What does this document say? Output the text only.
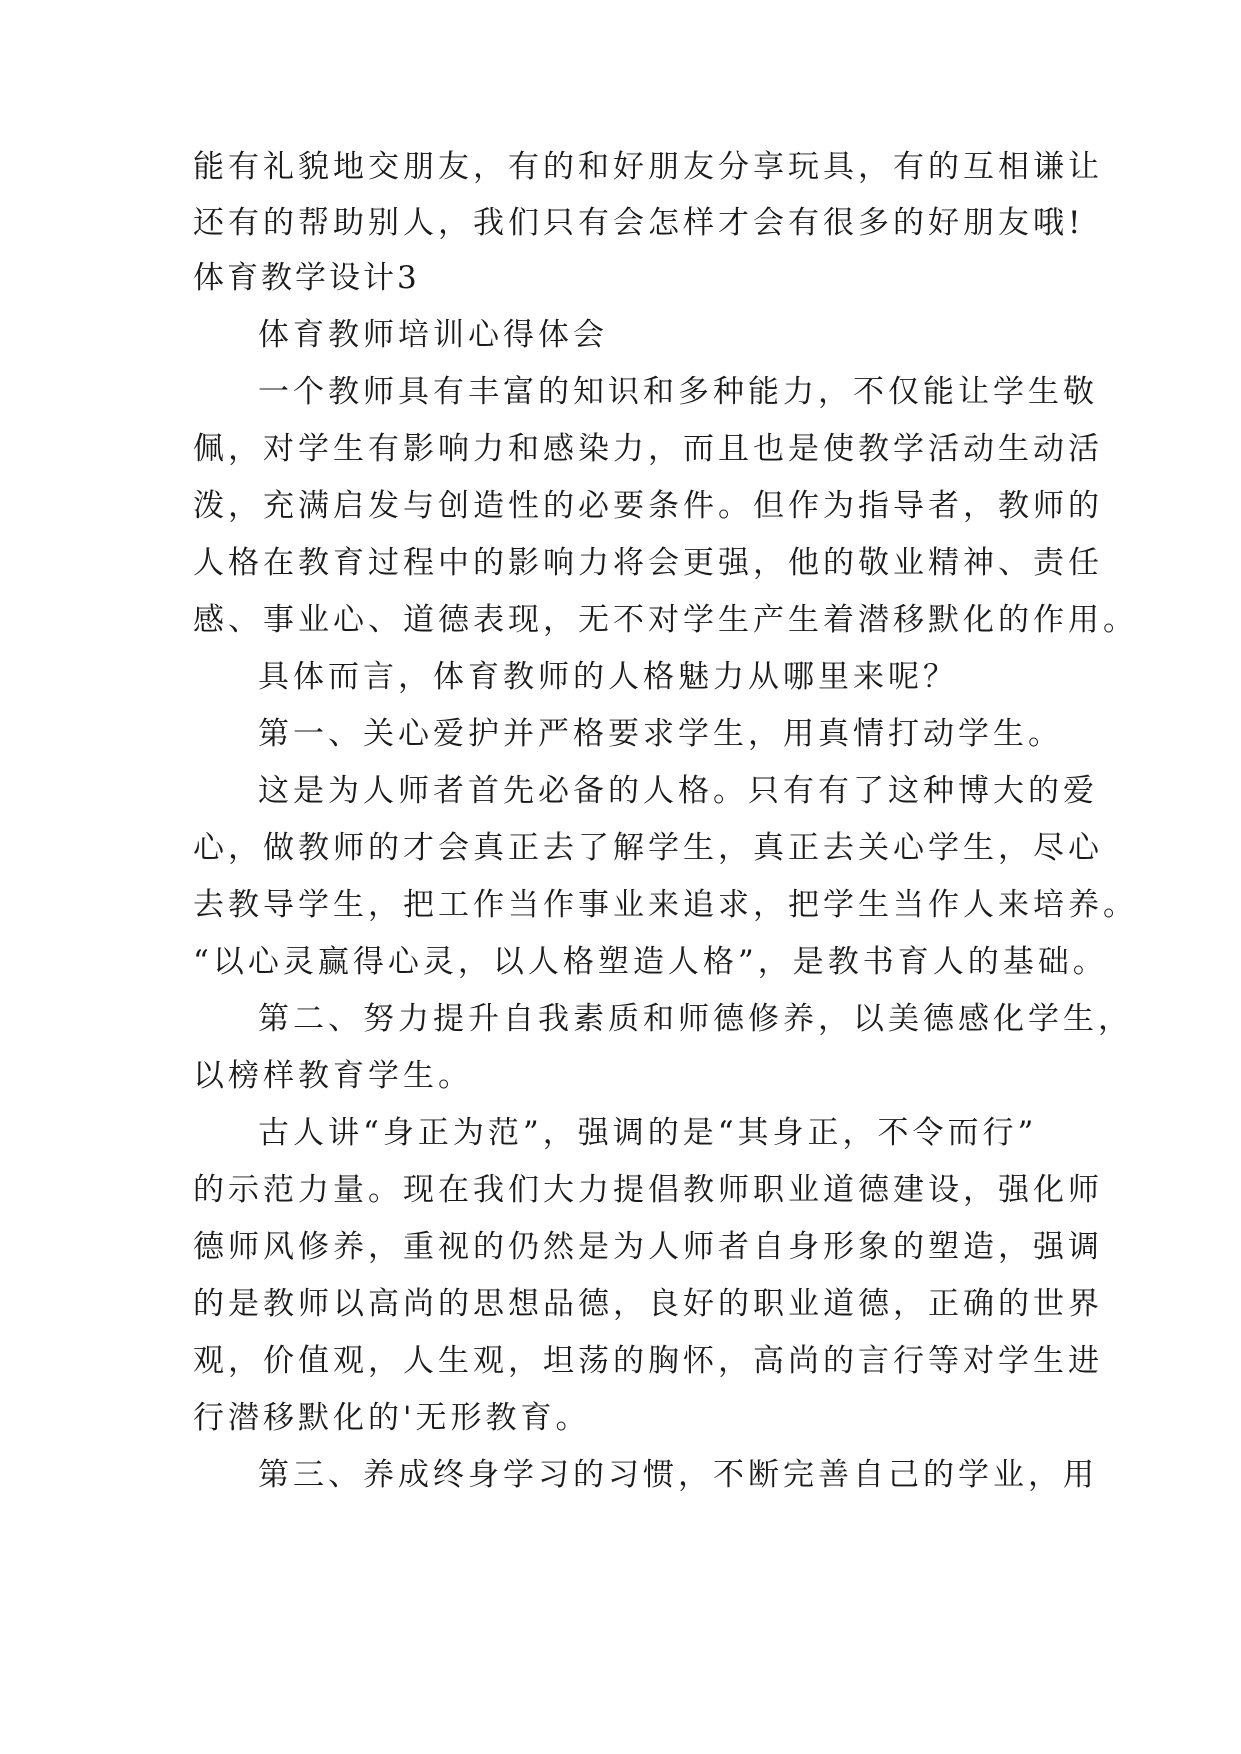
能有礼貌地交朋友，有的和好朋友分享玩具，有的互相谦让
还有的帮助别人，我们只有会怎样才会有很多的好朋友哦!
体育教学设计3
体育教师培训心得体会
一个教师具有丰富的知识和多种能力，不仅能让学生敬
佩，对学生有影响力和感染力，而且也是使教学活动生动活
泼，充满启发与创造性的必要条件。但作为指导者，教师的
人格在教育过程中的影响力将会更强，他的敬业精神、责任
感、事业心、道德表现，无不对学生产生着潜移默化的作用。
具体而言，体育教师的人格魅力从哪里来呢？
第一、关心爱护并严格要求学生，用真情打动学生。
这是为人师者首先必备的人格。只有有了这种博大的爱
心，做教师的才会真正去了解学生，真正去关心学生，尽心
去教导学生，把工作当作事业来追求，把学生当作人来培养。
“以心灵赢得心灵，以人格塑造人格”，是教书育人的基础。
第二、努力提升自我素质和师德修养，以美德感化学生，
以榜样教育学生。
古人讲“身正为范”，强调的是“其身正，不令而行”
的示范力量。现在我们大力提倡教师职业道德建设，强化师
德师风修养，重视的仍然是为人师者自身形象的塑造，强调
的是教师以高尚的思想品德，良好的职业道德，正确的世界
观，价值观，人生观，坦荡的胸怀，高尚的言行等对学生进
行潜移默化的'无形教育。
第三、养成终身学习的习惯，不断完善自己的学业，用
